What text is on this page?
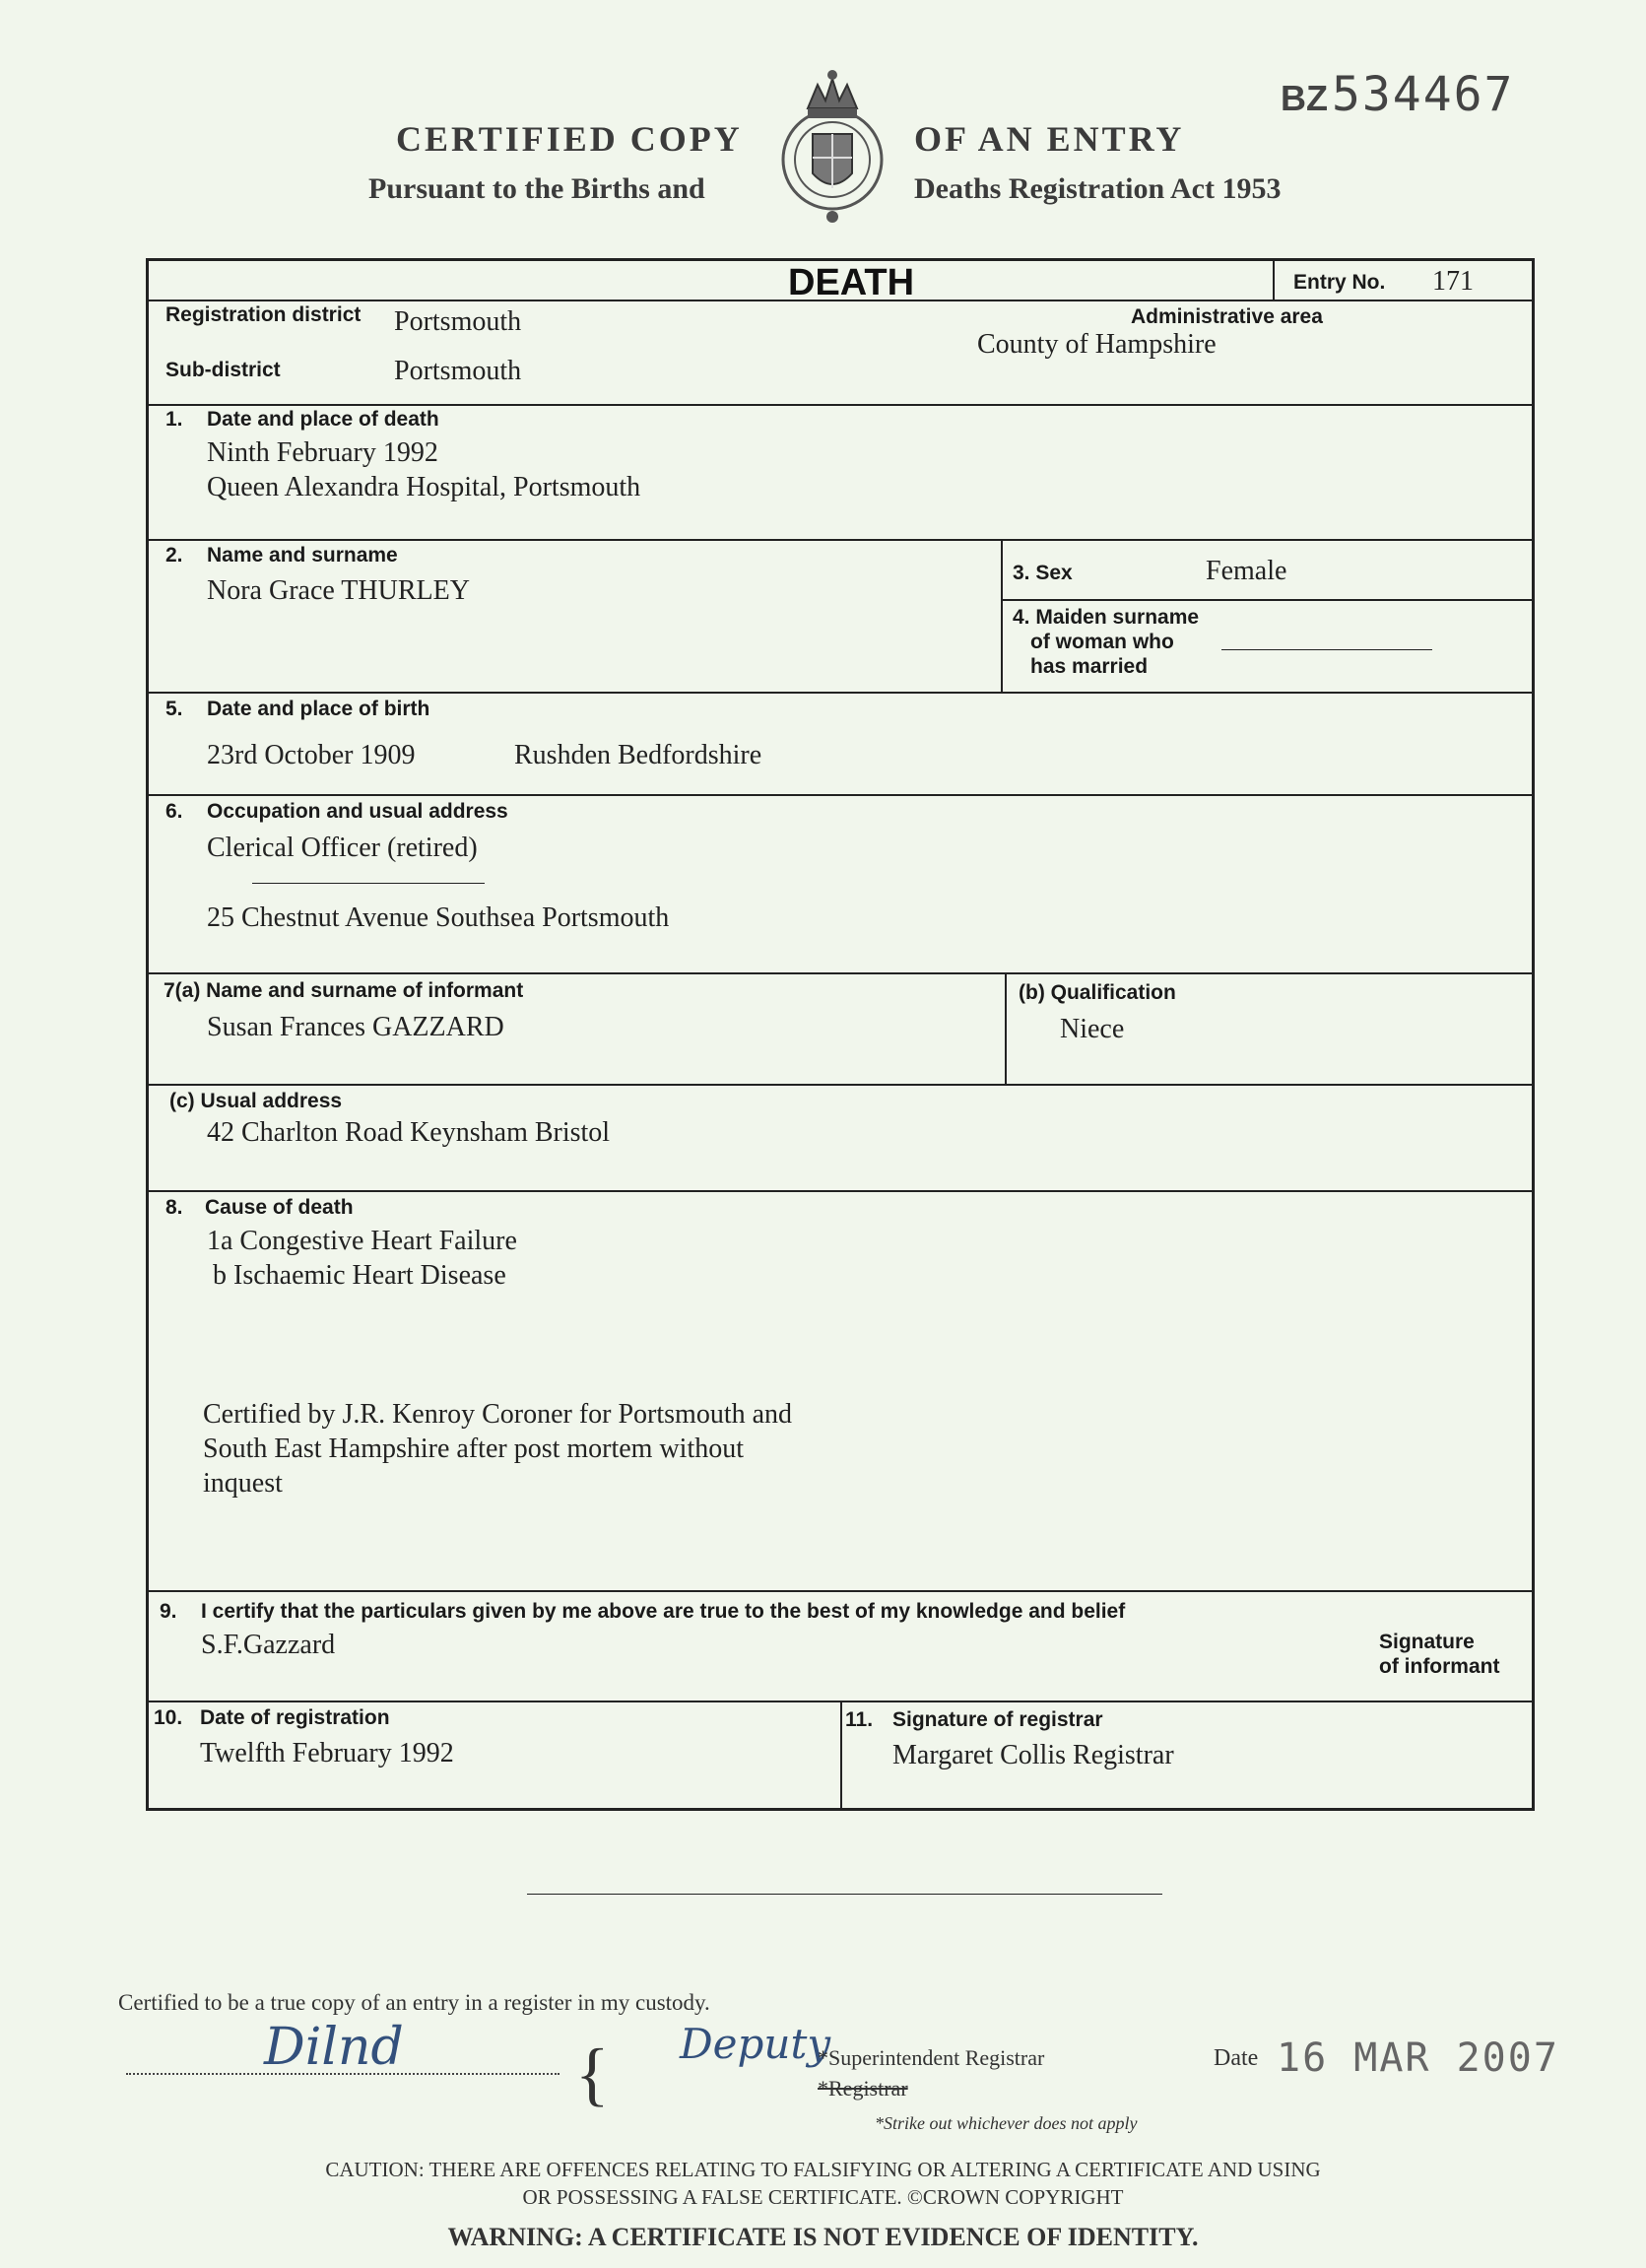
CERTIFIED COPY	OF AN ENTRY
Pursuant to the Births and	Deaths Registration Act 1953
BZ 534467
DEATH	Entry No. 171
Registration district Portsmouth
Sub-district	Portsmouth
Administrative area
County of Hampshire
1. Date and place of death
Ninth February 1992
Queen Alexandra Hospital, Portsmouth
2. Name and surname
Nora Grace THURLEY
3. Sex	Female
4. Maiden surname
of woman who
has married
5. Date and place of birth
23rd October 1909	Rushden Bedfordshire
6. Occupation and usual address
Clerical Officer (retired)
25 Chestnut Avenue Southsea Portsmouth
7(a) Name and surname of informant
Susan Frances GAZZARD
(b) Qualification
Niece
(c) Usual address
42 Charlton Road Keynsham Bristol
8. Cause of death
1a Congestive Heart Failure
b Ischaemic Heart Disease
Certified by J.R. Kenroy Coroner for Portsmouth and
South East Hampshire after post mortem without
inquest
9. I certify that the particulars given by me above are true to the best of my knowledge and belief
S.F.Gazzard	Signature
of informant
10. Date of registration
Twelfth February 1992
11. Signature of registrar
Margaret Collis Registrar
Certified to be a true copy of an entry in a register in my custody.
Dilnd { Deputy
*Superintendent Registrar
*Registrar
*Strike out whichever does not apply
Date 16 MAR 2007
CAUTION: THERE ARE OFFENCES RELATING TO FALSIFYING OR ALTERING A CERTIFICATE AND USING
OR POSSESSING A FALSE CERTIFICATE. ©CROWN COPYRIGHT
WARNING: A CERTIFICATE IS NOT EVIDENCE OF IDENTITY.
